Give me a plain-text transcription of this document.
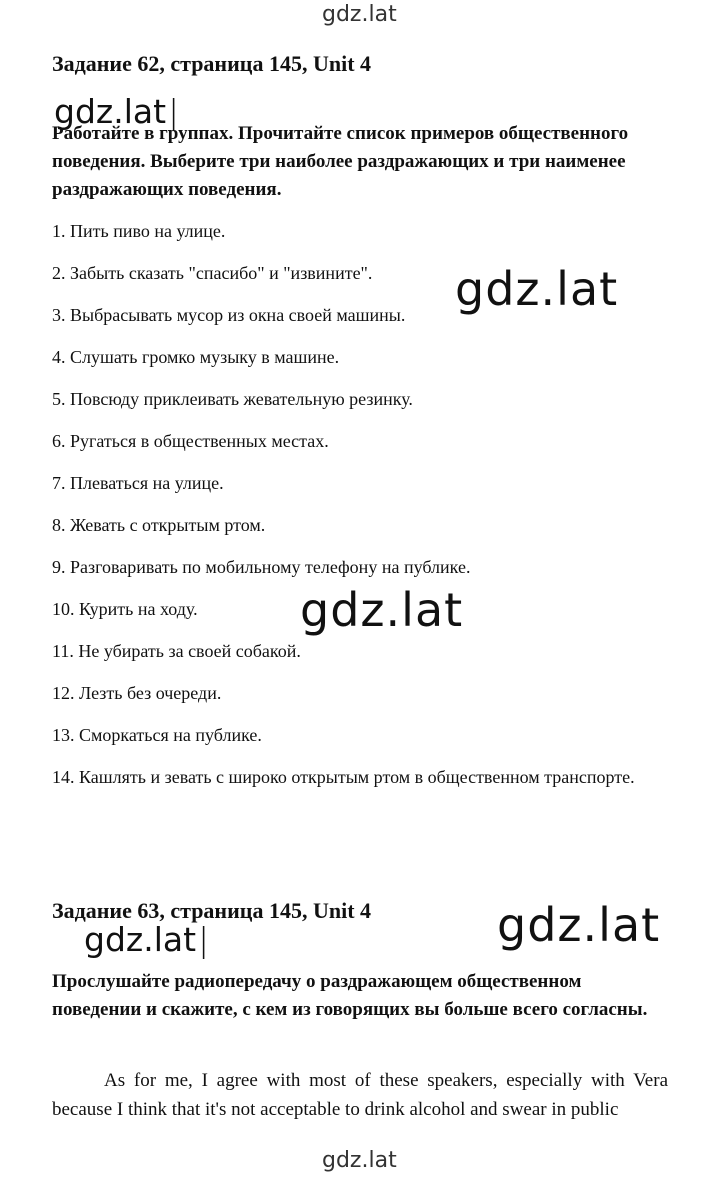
gdz.lat
gdz.lat |
gdz.lat
gdz.lat
gdz.lat |	gdz.lat
gdz.lat
Задание 62, страница 145, Unit 4
Работайте в группах. Прочитайте список примеров общественного поведения. Выберите три наиболее раздражающих и три наименее раздражающих поведения.
1. Пить пиво на улице.
2. Забыть сказать "спасибо" и "извините".
3. Выбрасывать мусор из окна своей машины.
4. Слушать громко музыку в машине.
5. Повсюду приклеивать жевательную резинку.
6. Ругаться в общественных местах.
7. Плеваться на улице.
8. Жевать с открытым ртом.
9. Разговаривать по мобильному телефону на публике.
10. Курить на ходу.
11. Не убирать за своей собакой.
12. Лезть без очереди.
13. Сморкаться на публике.
14. Кашлять и зевать с широко открытым ртом в общественном транспорте.
Задание 63, страница 145, Unit 4
Прослушайте радиопередачу о раздражающем общественном поведении и скажите, с кем из говорящих вы больше всего согласны.
As for me, I agree with most of these speakers, especially with Vera because I think that it's not acceptable to drink alcohol and swear in public
